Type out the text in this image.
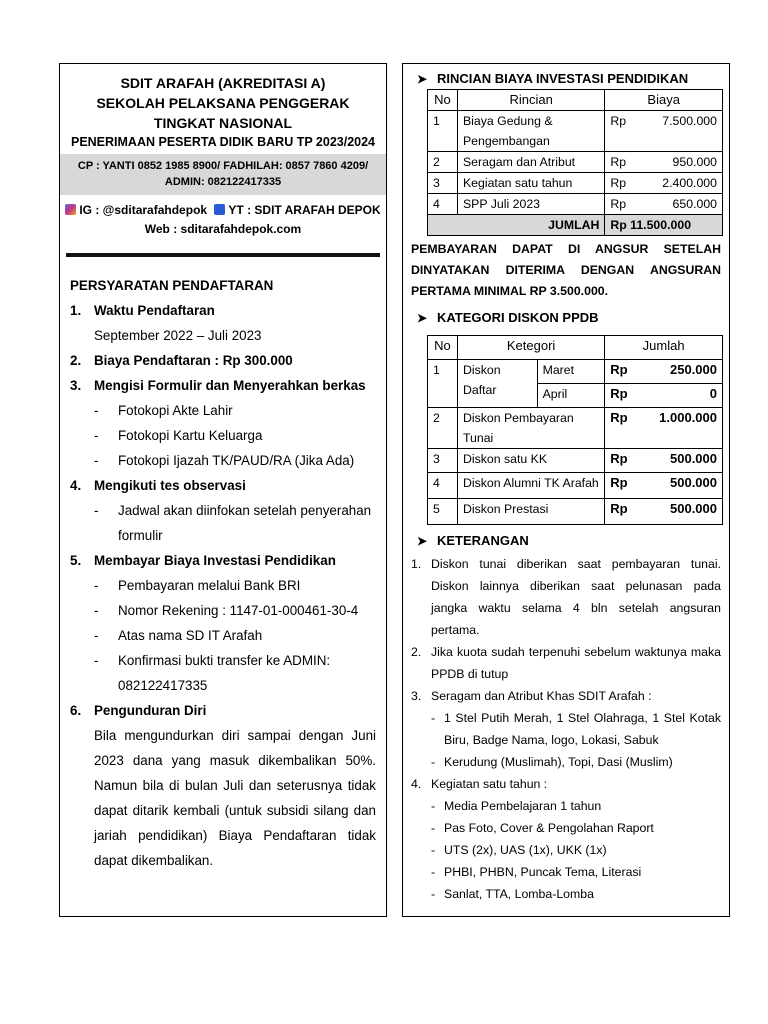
SDIT ARAFAH (AKREDITASI A)
SEKOLAH PELAKSANA PENGGERAK
TINGKAT NASIONAL
PENERIMAAN PESERTA DIDIK BARU TP 2023/2024
CP : YANTI 0852 1985 8900/ FADHILAH: 0857 7860 4209/
ADMIN: 082122417335
IG : @sditarafahdepok YT : SDIT ARAFAH DEPOK
Web : sditarafahdepok.com
PERSYARATAN PENDAFTARAN
1. Waktu Pendaftaran
September 2022 – Juli 2023
2. Biaya Pendaftaran : Rp 300.000
3. Mengisi Formulir dan Menyerahkan berkas
-	Fotokopi Akte Lahir
-	Fotokopi Kartu Keluarga
-	Fotokopi Ijazah TK/PAUD/RA (Jika Ada)
4. Mengikuti tes observasi
-	Jadwal akan diinfokan setelah penyerahan formulir
5. Membayar Biaya Investasi Pendidikan
-	Pembayaran melalui Bank BRI
-	Nomor Rekening : 1147-01-000461-30-4
-	Atas nama SD IT Arafah
-	Konfirmasi bukti transfer ke ADMIN: 082122417335
6. Pengunduran Diri
Bila mengundurkan diri sampai dengan Juni 2023 dana yang masuk dikembalikan 50%. Namun bila di bulan Juli dan seterusnya tidak dapat ditarik kembali (untuk subsidi silang dan jariah pendidikan) Biaya Pendaftaran tidak dapat dikembalikan.
➤ RINCIAN BIAYA INVESTASI PENDIDIKAN
No	Rincian	Biaya	
1	Biaya Gedung & Pengembangan	Rp	7.500.000
2	Seragam dan Atribut	Rp	950.000
3	Kegiatan satu tahun	Rp	2.400.000
4	SPP Juli 2023	Rp	650.000
JUMLAH		Rp 11.500.000	
PEMBAYARAN DAPAT DI ANGSUR SETELAH DINYATAKAN DITERIMA DENGAN ANGSURAN PERTAMA MINIMAL RP 3.500.000.
➤ KATEGORI DISKON PPDB
No	Ketegori		Jumlah	
1	Diskon Daftar	Maret	Rp	250.000
		April	Rp	0
2	Diskon Pembayaran Tunai		Rp	1.000.000
3	Diskon satu KK		Rp	500.000
4	Diskon Alumni TK Arafah		Rp	500.000
5	Diskon Prestasi		Rp	500.000
➤ KETERANGAN
1. Diskon tunai diberikan saat pembayaran tunai. Diskon lainnya diberikan saat pelunasan pada jangka waktu selama 4 bln setelah angsuran pertama.
2. Jika kuota sudah terpenuhi sebelum waktunya maka PPDB di tutup
3. Seragam dan Atribut Khas SDIT Arafah :
- 1 Stel Putih Merah, 1 Stel Olahraga, 1 Stel Kotak Biru, Badge Nama, logo, Lokasi, Sabuk
- Kerudung (Muslimah), Topi, Dasi (Muslim)
4. Kegiatan satu tahun :
- Media Pembelajaran 1 tahun
- Pas Foto, Cover & Pengolahan Raport
- UTS (2x), UAS (1x), UKK (1x)
- PHBI, PHBN, Puncak Tema, Literasi
- Sanlat, TTA, Lomba-Lomba
